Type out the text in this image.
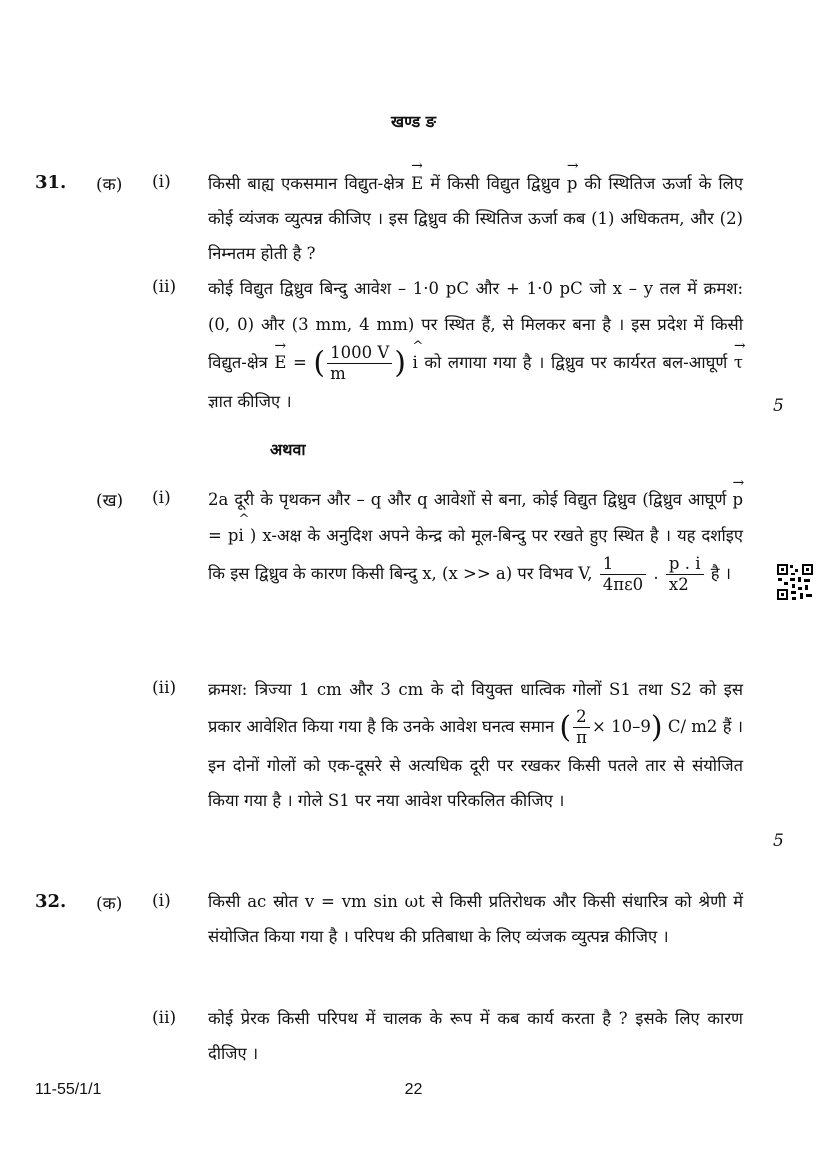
खण्ड ङ
31. (क) (i) किसी बाह्य एकसमान विद्युत-क्षेत्र
→
E में किसी विद्युत द्विध्रुव
→
p की स्थितिज ऊर्जा के लिए कोई व्यंजक व्युत्पन्न कीजिए । इस द्विध्रुव की स्थितिज ऊर्जा कब (1) अधिकतम, और (2) निम्नतम होती है ?
(ii) कोई विद्युत द्विध्रुव बिन्दु आवेश – 1·0 pC और + 1·0 pC जो x – y तल में क्रमश: (0, 0) और (3 mm, 4 mm) पर स्थित हैं, से मिलकर बना है । इस प्रदेश में किसी विद्युत-क्षेत्र
→
E = ( $\frac{1000 V}{m}$ ) ^
i को लगाया गया है । द्विध्रुव पर कार्यरत बल-आघूर्ण
→
τ ज्ञात कीजिए ।	5
अथवा
(ख) (i) 2a दूरी के पृथकन और – q और q आवेशों से बना, कोई विद्युत द्विध्रुव (द्विध्रुव आघूर्ण
→
p = p
^
i ) x-अक्ष के अनुदिश अपने केन्द्र को मूल-बिन्दु पर रखते हुए स्थित है । यह दर्शाइए कि इस द्विध्रुव के कारण किसी बिन्दु x, (x >> a) पर विभव V, $\frac{1}{4\pi\varepsilon 0}$ . $\frac{p . i}{x2}$ है ।
(ii) क्रमश: त्रिज्या 1 cm और 3 cm के दो वियुक्त धात्विक गोलों S1 तथा S2 को इस प्रकार आवेशित किया गया है कि उनके आवेश घनत्व समान ( $\frac{2}{\pi} \times 10-9$) C/ m2 हैं । इन दोनों गोलों को एक-दूसरे से अत्यधिक दूरी पर रखकर किसी पतले तार से संयोजित किया गया है । गोले S1 पर नया आवेश परिकलित कीजिए ।
5
32. (क) (i) किसी ac स्रोत v = vm sin ωt से किसी प्रतिरोधक और किसी संधारित्र को श्रेणी में संयोजित किया गया है । परिपथ की प्रतिबाधा के लिए व्यंजक व्युत्पन्न कीजिए ।
(ii) कोई प्रेरक किसी परिपथ में चालक के रूप में कब कार्य करता है ? इसके लिए कारण दीजिए ।
11-55/1/1	22
